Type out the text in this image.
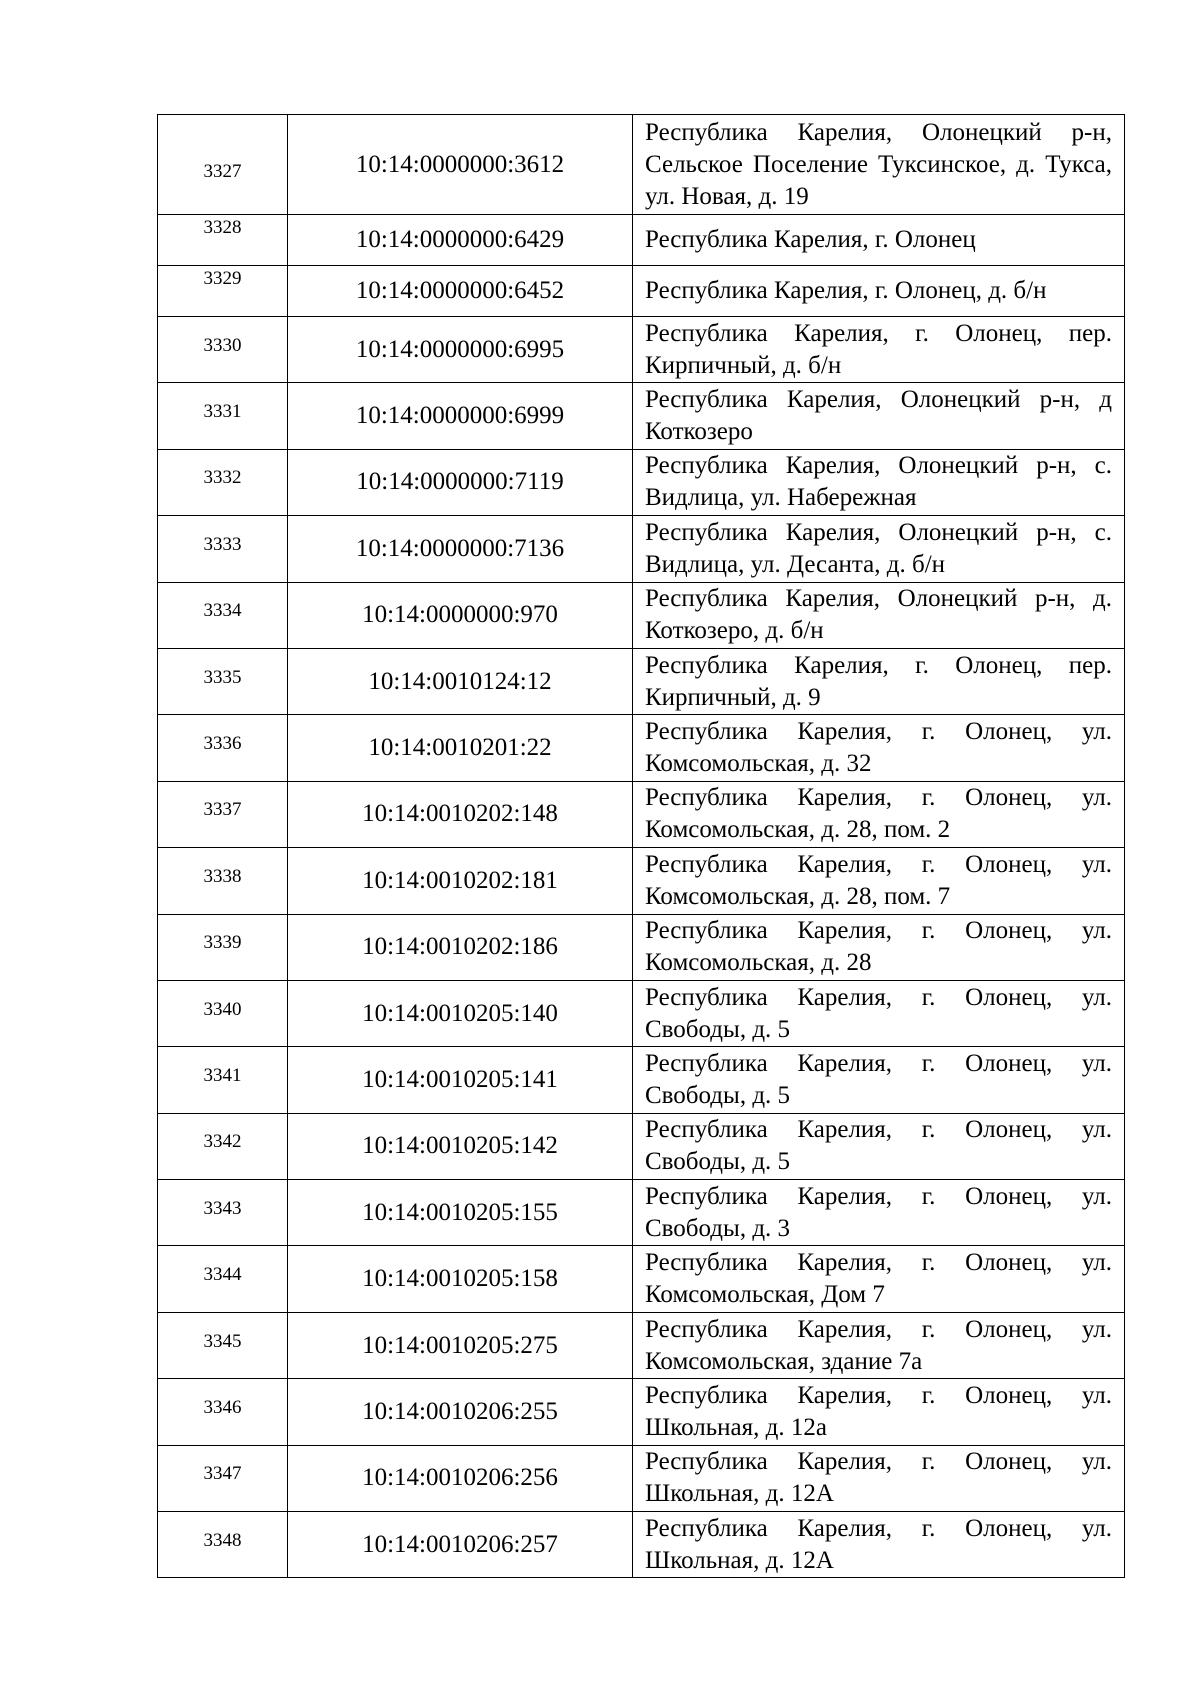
3327	10:14:0000000:3612	Республика Карелия, Олонецкий р-н, Сельское Поселение Туксинское, д. Тукса, ул. Новая, д. 19
3328	10:14:0000000:6429	Республика Карелия, г. Олонец
3329	10:14:0000000:6452	Республика Карелия, г. Олонец, д. б/н
3330	10:14:0000000:6995	Республика Карелия, г. Олонец, пер. Кирпичный, д. б/н
3331	10:14:0000000:6999	Республика Карелия, Олонецкий р-н, д Коткозеро
3332	10:14:0000000:7119	Республика Карелия, Олонецкий р-н, с. Видлица, ул. Набережная
3333	10:14:0000000:7136	Республика Карелия, Олонецкий р-н, с. Видлица, ул. Десанта, д. б/н
3334	10:14:0000000:970	Республика Карелия, Олонецкий р-н, д. Коткозеро, д. б/н
3335	10:14:0010124:12	Республика Карелия, г. Олонец, пер. Кирпичный, д. 9
3336	10:14:0010201:22	Республика Карелия, г. Олонец, ул. Комсомольская, д. 32
3337	10:14:0010202:148	Республика Карелия, г. Олонец, ул. Комсомольская, д. 28, пом. 2
3338	10:14:0010202:181	Республика Карелия, г. Олонец, ул. Комсомольская, д. 28, пом. 7
3339	10:14:0010202:186	Республика Карелия, г. Олонец, ул. Комсомольская, д. 28
3340	10:14:0010205:140	Республика Карелия, г. Олонец, ул. Свободы, д. 5
3341	10:14:0010205:141	Республика Карелия, г. Олонец, ул. Свободы, д. 5
3342	10:14:0010205:142	Республика Карелия, г. Олонец, ул. Свободы, д. 5
3343	10:14:0010205:155	Республика Карелия, г. Олонец, ул. Свободы, д. 3
3344	10:14:0010205:158	Республика Карелия, г. Олонец, ул. Комсомольская, Дом 7
3345	10:14:0010205:275	Республика Карелия, г. Олонец, ул. Комсомольская, здание 7а
3346	10:14:0010206:255	Республика Карелия, г. Олонец, ул. Школьная, д. 12а
3347	10:14:0010206:256	Республика Карелия, г. Олонец, ул. Школьная, д. 12А
3348	10:14:0010206:257	Республика Карелия, г. Олонец, ул. Школьная, д. 12А
